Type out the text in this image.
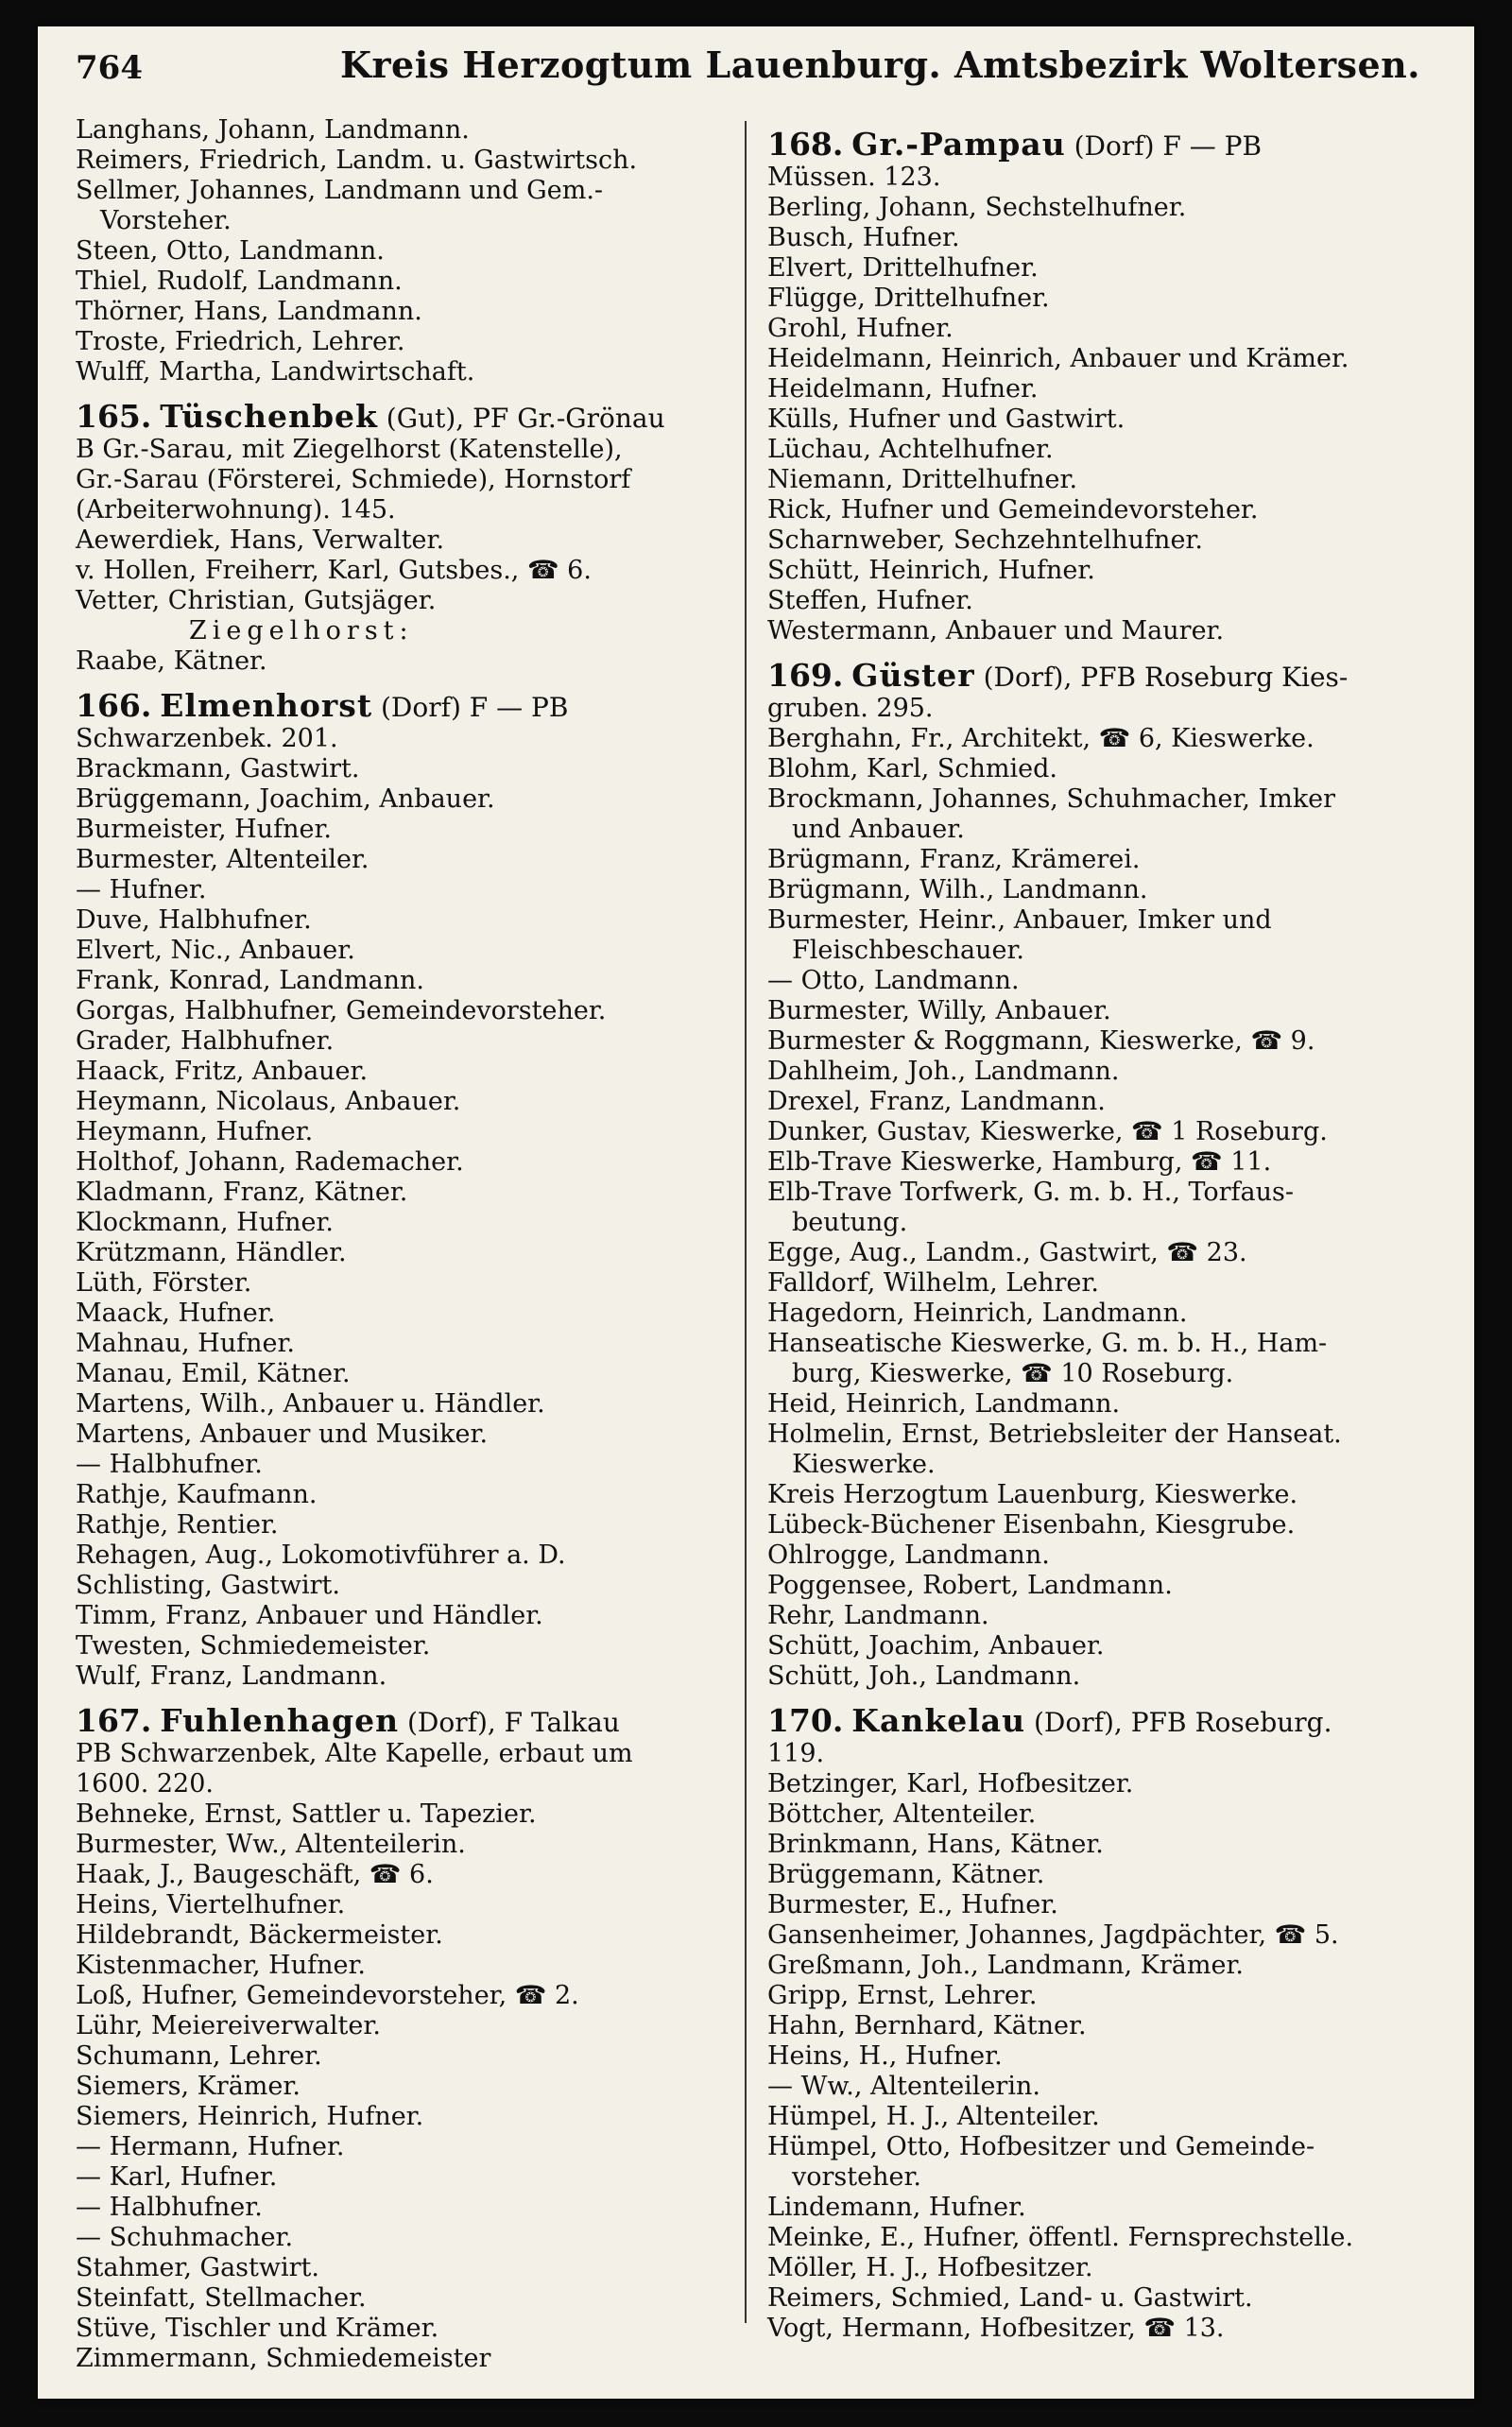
764	Kreis Herzogtum Lauenburg. Amtsbezirk Woltersen.
Langhans, Johann, Landmann.
Reimers, Friedrich, Landm. u. Gastwirtsch.
Sellmer, Johannes, Landmann und Gem.-
Vorsteher.
Steen, Otto, Landmann.
Thiel, Rudolf, Landmann.
Thörner, Hans, Landmann.
Troste, Friedrich, Lehrer.
Wulff, Martha, Landwirtschaft.
165. Tüschenbek (Gut), PF Gr.-Grönau
B Gr.-Sarau, mit Ziegelhorst (Katenstelle),
Gr.-Sarau (Försterei, Schmiede), Hornstorf
(Arbeiterwohnung). 145.
Aewerdiek, Hans, Verwalter.
v. Hollen, Freiherr, Karl, Gutsbes., ☎ 6.
Vetter, Christian, Gutsjäger.
Ziegelhorst:
Raabe, Kätner.
166. Elmenhorst (Dorf) F — PB
Schwarzenbek. 201.
Brackmann, Gastwirt.
Brüggemann, Joachim, Anbauer.
Burmeister, Hufner.
Burmester, Altenteiler.
— Hufner.
Duve, Halbhufner.
Elvert, Nic., Anbauer.
Frank, Konrad, Landmann.
Gorgas, Halbhufner, Gemeindevorsteher.
Grader, Halbhufner.
Haack, Fritz, Anbauer.
Heymann, Nicolaus, Anbauer.
Heymann, Hufner.
Holthof, Johann, Rademacher.
Kladmann, Franz, Kätner.
Klockmann, Hufner.
Krützmann, Händler.
Lüth, Förster.
Maack, Hufner.
Mahnau, Hufner.
Manau, Emil, Kätner.
Martens, Wilh., Anbauer u. Händler.
Martens, Anbauer und Musiker.
— Halbhufner.
Rathje, Kaufmann.
Rathje, Rentier.
Rehagen, Aug., Lokomotivführer a. D.
Schlisting, Gastwirt.
Timm, Franz, Anbauer und Händler.
Twesten, Schmiedemeister.
Wulf, Franz, Landmann.
167. Fuhlenhagen (Dorf), F Talkau
PB Schwarzenbek, Alte Kapelle, erbaut um
1600. 220.
Behneke, Ernst, Sattler u. Tapezier.
Burmester, Ww., Altenteilerin.
Haak, J., Baugeschäft, ☎ 6.
Heins, Viertelhufner.
Hildebrandt, Bäckermeister.
Kistenmacher, Hufner.
Loß, Hufner, Gemeindevorsteher, ☎ 2.
Lühr, Meiereiverwalter.
Schumann, Lehrer.
Siemers, Krämer.
Siemers, Heinrich, Hufner.
— Hermann, Hufner.
— Karl, Hufner.
— Halbhufner.
— Schuhmacher.
Stahmer, Gastwirt.
Steinfatt, Stellmacher.
Stüve, Tischler und Krämer.
Zimmermann, Schmiedemeister
168. Gr.-Pampau (Dorf) F — PB
Müssen. 123.
Berling, Johann, Sechstelhufner.
Busch, Hufner.
Elvert, Drittelhufner.
Flügge, Drittelhufner.
Grohl, Hufner.
Heidelmann, Heinrich, Anbauer und Krämer.
Heidelmann, Hufner.
Külls, Hufner und Gastwirt.
Lüchau, Achtelhufner.
Niemann, Drittelhufner.
Rick, Hufner und Gemeindevorsteher.
Scharnweber, Sechzehntelhufner.
Schütt, Heinrich, Hufner.
Steffen, Hufner.
Westermann, Anbauer und Maurer.
169. Güster (Dorf), PFB Roseburg Kies-
gruben. 295.
Berghahn, Fr., Architekt, ☎ 6, Kieswerke.
Blohm, Karl, Schmied.
Brockmann, Johannes, Schuhmacher, Imker
und Anbauer.
Brügmann, Franz, Krämerei.
Brügmann, Wilh., Landmann.
Burmester, Heinr., Anbauer, Imker und
Fleischbeschauer.
— Otto, Landmann.
Burmester, Willy, Anbauer.
Burmester & Roggmann, Kieswerke, ☎ 9.
Dahlheim, Joh., Landmann.
Drexel, Franz, Landmann.
Dunker, Gustav, Kieswerke, ☎ 1 Roseburg.
Elb-Trave Kieswerke, Hamburg, ☎ 11.
Elb-Trave Torfwerk, G. m. b. H., Torfaus-
beutung.
Egge, Aug., Landm., Gastwirt, ☎ 23.
Falldorf, Wilhelm, Lehrer.
Hagedorn, Heinrich, Landmann.
Hanseatische Kieswerke, G. m. b. H., Ham-
burg, Kieswerke, ☎ 10 Roseburg.
Heid, Heinrich, Landmann.
Holmelin, Ernst, Betriebsleiter der Hanseat.
Kieswerke.
Kreis Herzogtum Lauenburg, Kieswerke.
Lübeck-Büchener Eisenbahn, Kiesgrube.
Ohlrogge, Landmann.
Poggensee, Robert, Landmann.
Rehr, Landmann.
Schütt, Joachim, Anbauer.
Schütt, Joh., Landmann.
170. Kankelau (Dorf), PFB Roseburg.
119.
Betzinger, Karl, Hofbesitzer.
Böttcher, Altenteiler.
Brinkmann, Hans, Kätner.
Brüggemann, Kätner.
Burmester, E., Hufner.
Gansenheimer, Johannes, Jagdpächter, ☎ 5.
Greßmann, Joh., Landmann, Krämer.
Gripp, Ernst, Lehrer.
Hahn, Bernhard, Kätner.
Heins, H., Hufner.
— Ww., Altenteilerin.
Hümpel, H. J., Altenteiler.
Hümpel, Otto, Hofbesitzer und Gemeinde-
vorsteher.
Lindemann, Hufner.
Meinke, E., Hufner, öffentl. Fernsprechstelle.
Möller, H. J., Hofbesitzer.
Reimers, Schmied, Land- u. Gastwirt.
Vogt, Hermann, Hofbesitzer, ☎ 13.
